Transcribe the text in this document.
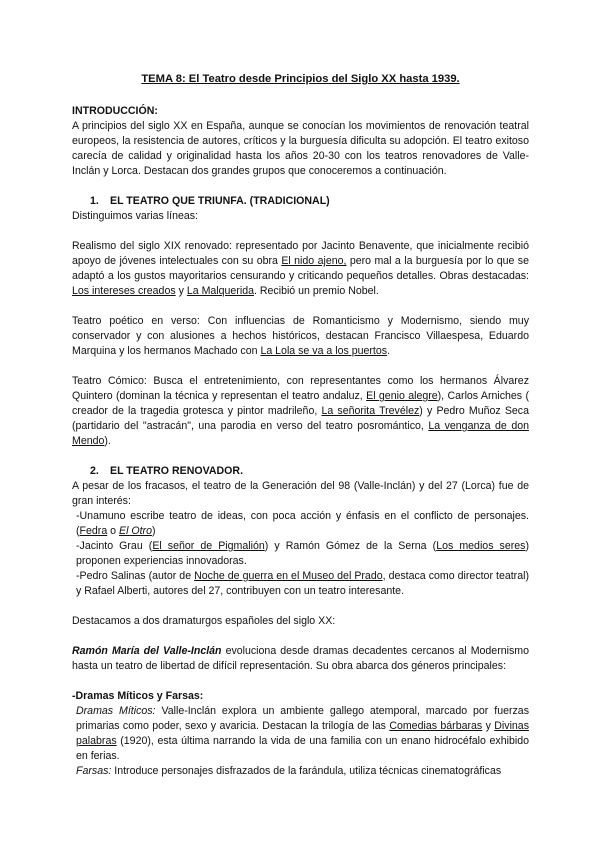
TEMA 8: El Teatro desde Principios del Siglo XX hasta 1939.

INTRODUCCIÓN:

A principios del siglo XX en España, aunque se conocían los movimientos de renovación teatral europeos, la resistencia de autores, críticos y la burguesía dificulta su adopción. El teatro exitoso carecía de calidad y originalidad hasta los años 20-30 con los teatros renovadores de Valle-Inclán y Lorca. Destacan dos grandes grupos que conoceremos a continuación.

1. EL TEATRO QUE TRIUNFA. (TRADICIONAL)

Distinguimos varias líneas:

Realismo del siglo XIX renovado: representado por Jacinto Benavente, que inicialmente recibió apoyo de jóvenes intelectuales con su obra El nido ajeno, pero mal a la burguesía por lo que se adaptó a los gustos mayoritarios censurando y criticando pequeños detalles. Obras destacadas: Los intereses creados y La Malquerida. Recibió un premio Nobel.

Teatro poético en verso: Con influencias de Romanticismo y Modernismo, siendo muy conservador y con alusiones a hechos históricos, destacan Francisco Villaespesa, Eduardo Marquina y los hermanos Machado con La Lola se va a los puertos.

Teatro Cómico: Busca el entretenimiento, con representantes como los hermanos Álvarez Quintero (dominan la técnica y representan el teatro andaluz, El genio alegre), Carlos Arniches ( creador de la tragedia grotesca y pintor madrileño, La señorita Trevélez) y Pedro Muñoz Seca (partidario del "astracán", una parodia en verso del teatro posromántico, La venganza de don Mendo).

2. EL TEATRO RENOVADOR.

A pesar de los fracasos, el teatro de la Generación del 98 (Valle-Inclán) y del 27 (Lorca) fue de gran interés:

-Unamuno escribe teatro de ideas, con poca acción y énfasis en el conflicto de personajes. (Fedra o El Otro)

-Jacinto Grau (El señor de Pigmalión) y Ramón Gómez de la Serna (Los medios seres) proponen experiencias innovadoras.

-Pedro Salinas (autor de Noche de guerra en el Museo del Prado, destaca como director teatral) y Rafael Alberti, autores del 27, contribuyen con un teatro interesante.

Destacamos a dos dramaturgos españoles del siglo XX:

Ramón María del Valle-Inclán evoluciona desde dramas decadentes cercanos al Modernismo hasta un teatro de libertad de difícil representación. Su obra abarca dos géneros principales:

-Dramas Míticos y Farsas:

Dramas Míticos: Valle-Inclán explora un ambiente gallego atemporal, marcado por fuerzas primarias como poder, sexo y avaricia. Destacan la trilogía de las Comedias bárbaras y Divinas palabras (1920), esta última narrando la vida de una familia con un enano hidrocéfalo exhibido en ferias.

Farsas: Introduce personajes disfrazados de la farándula, utiliza técnicas cinematográficas
